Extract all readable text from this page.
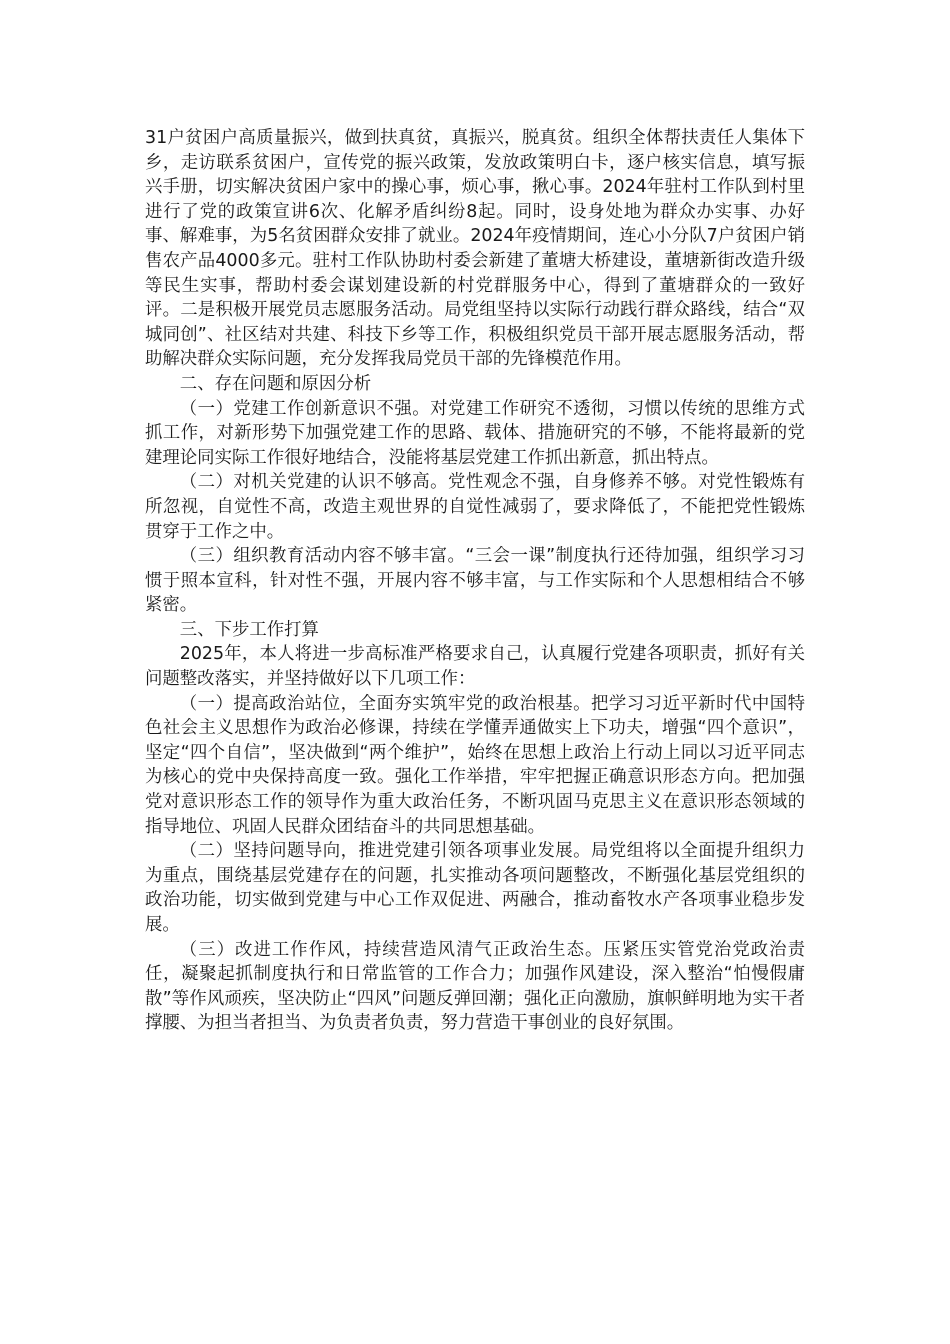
31户贫困户高质量振兴，做到扶真贫，真振兴，脱真贫。组织全体帮扶责任人集体下乡，走访联系贫困户，宣传党的振兴政策，发放政策明白卡，逐户核实信息，填写振兴手册，切实解决贫困户家中的操心事，烦心事，揪心事。2024年驻村工作队到村里进行了党的政策宣讲6次、化解矛盾纠纷8起。同时，设身处地为群众办实事、办好事、解难事，为5名贫困群众安排了就业。2024年疫情期间，连心小分队7户贫困户销售农产品4000多元。驻村工作队协助村委会新建了董塘大桥建设，董塘新街改造升级等民生实事，帮助村委会谋划建设新的村党群服务中心，得到了董塘群众的一致好评。二是积极开展党员志愿服务活动。局党组坚持以实际行动践行群众路线，结合“双城同创”、社区结对共建、科技下乡等工作，积极组织党员干部开展志愿服务活动，帮助解决群众实际问题，充分发挥我局党员干部的先锋模范作用。

二、存在问题和原因分析

（一）党建工作创新意识不强。对党建工作研究不透彻，习惯以传统的思维方式抓工作，对新形势下加强党建工作的思路、载体、措施研究的不够，不能将最新的党建理论同实际工作很好地结合，没能将基层党建工作抓出新意，抓出特点。

（二）对机关党建的认识不够高。党性观念不强，自身修养不够。对党性锻炼有所忽视，自觉性不高，改造主观世界的自觉性减弱了，要求降低了，不能把党性锻炼贯穿于工作之中。

（三）组织教育活动内容不够丰富。“三会一课”制度执行还待加强，组织学习习惯于照本宣科，针对性不强，开展内容不够丰富，与工作实际和个人思想相结合不够紧密。

三、下步工作打算

2025年，本人将进一步高标准严格要求自己，认真履行党建各项职责，抓好有关问题整改落实，并坚持做好以下几项工作：

（一）提高政治站位，全面夯实筑牢党的政治根基。把学习习近平新时代中国特色社会主义思想作为政治必修课，持续在学懂弄通做实上下功夫，增强“四个意识”，坚定“四个自信”，坚决做到“两个维护”，始终在思想上政治上行动上同以习近平同志为核心的党中央保持高度一致。强化工作举措，牢牢把握正确意识形态方向。把加强党对意识形态工作的领导作为重大政治任务，不断巩固马克思主义在意识形态领域的指导地位、巩固人民群众团结奋斗的共同思想基础。

（二）坚持问题导向，推进党建引领各项事业发展。局党组将以全面提升组织力为重点，围绕基层党建存在的问题，扎实推动各项问题整改，不断强化基层党组织的政治功能，切实做到党建与中心工作双促进、两融合，推动畜牧水产各项事业稳步发展。

（三）改进工作作风，持续营造风清气正政治生态。压紧压实管党治党政治责任，凝聚起抓制度执行和日常监管的工作合力；加强作风建设，深入整治“怕慢假庸散”等作风顽疾，坚决防止“四风”问题反弹回潮；强化正向激励，旗帜鲜明地为实干者撑腰、为担当者担当、为负责者负责，努力营造干事创业的良好氛围。
